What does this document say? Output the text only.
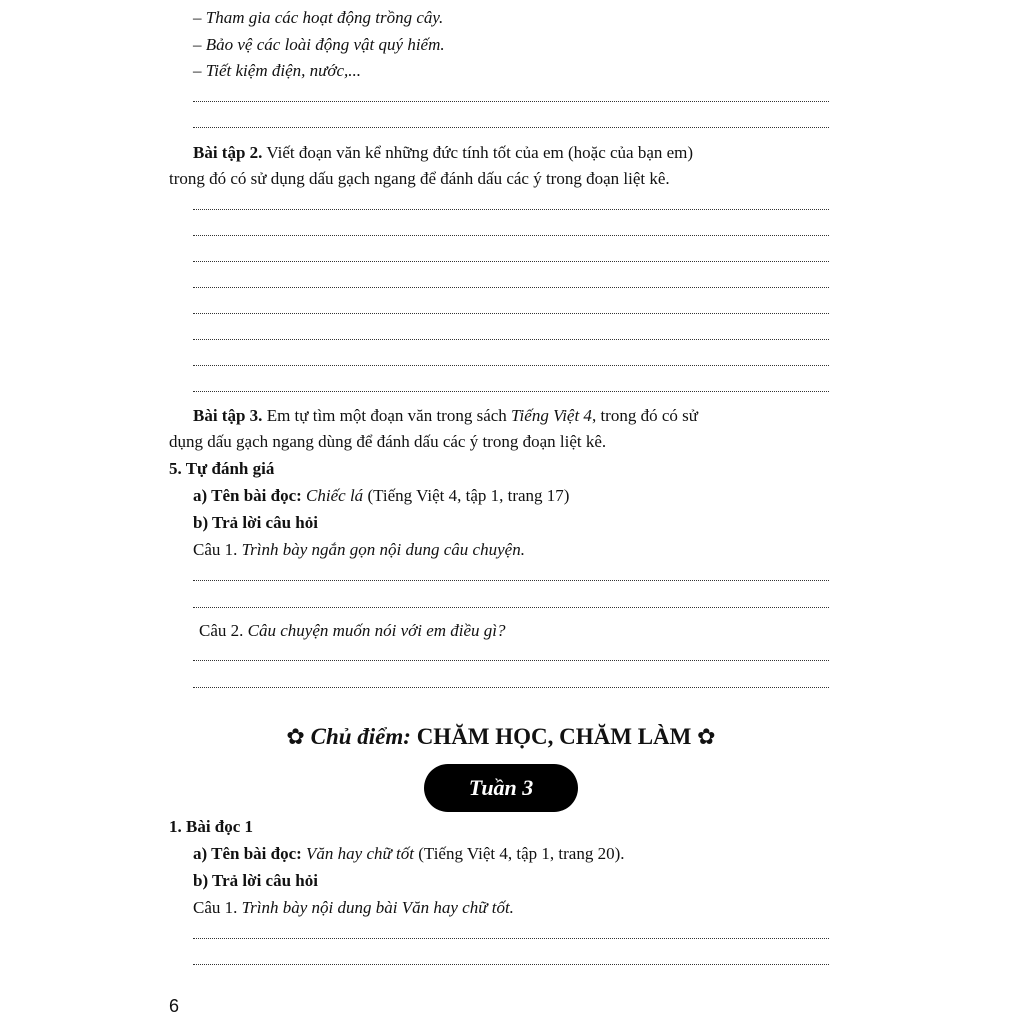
– Tham gia các hoạt động trồng cây.
– Bảo vệ các loài động vật quý hiếm.
– Tiết kiệm điện, nước,...
Bài tập 2. Viết đoạn văn kể những đức tính tốt của em (hoặc của bạn em)
trong đó có sử dụng dấu gạch ngang để đánh dấu các ý trong đoạn liệt kê.
Bài tập 3. Em tự tìm một đoạn văn trong sách Tiếng Việt 4, trong đó có sử
dụng dấu gạch ngang dùng để đánh dấu các ý trong đoạn liệt kê.
5. Tự đánh giá
a) Tên bài đọc: Chiếc lá (Tiếng Việt 4, tập 1, trang 17)
b) Trả lời câu hỏi
Câu 1. Trình bày ngắn gọn nội dung câu chuyện.
Câu 2. Câu chuyện muốn nói với em điều gì?
✿ Chủ điểm: CHĂM HỌC, CHĂM LÀM ✿
Tuần 3
1. Bài đọc 1
a) Tên bài đọc: Văn hay chữ tốt (Tiếng Việt 4, tập 1, trang 20).
b) Trả lời câu hỏi
Câu 1. Trình bày nội dung bài Văn hay chữ tốt.
6
